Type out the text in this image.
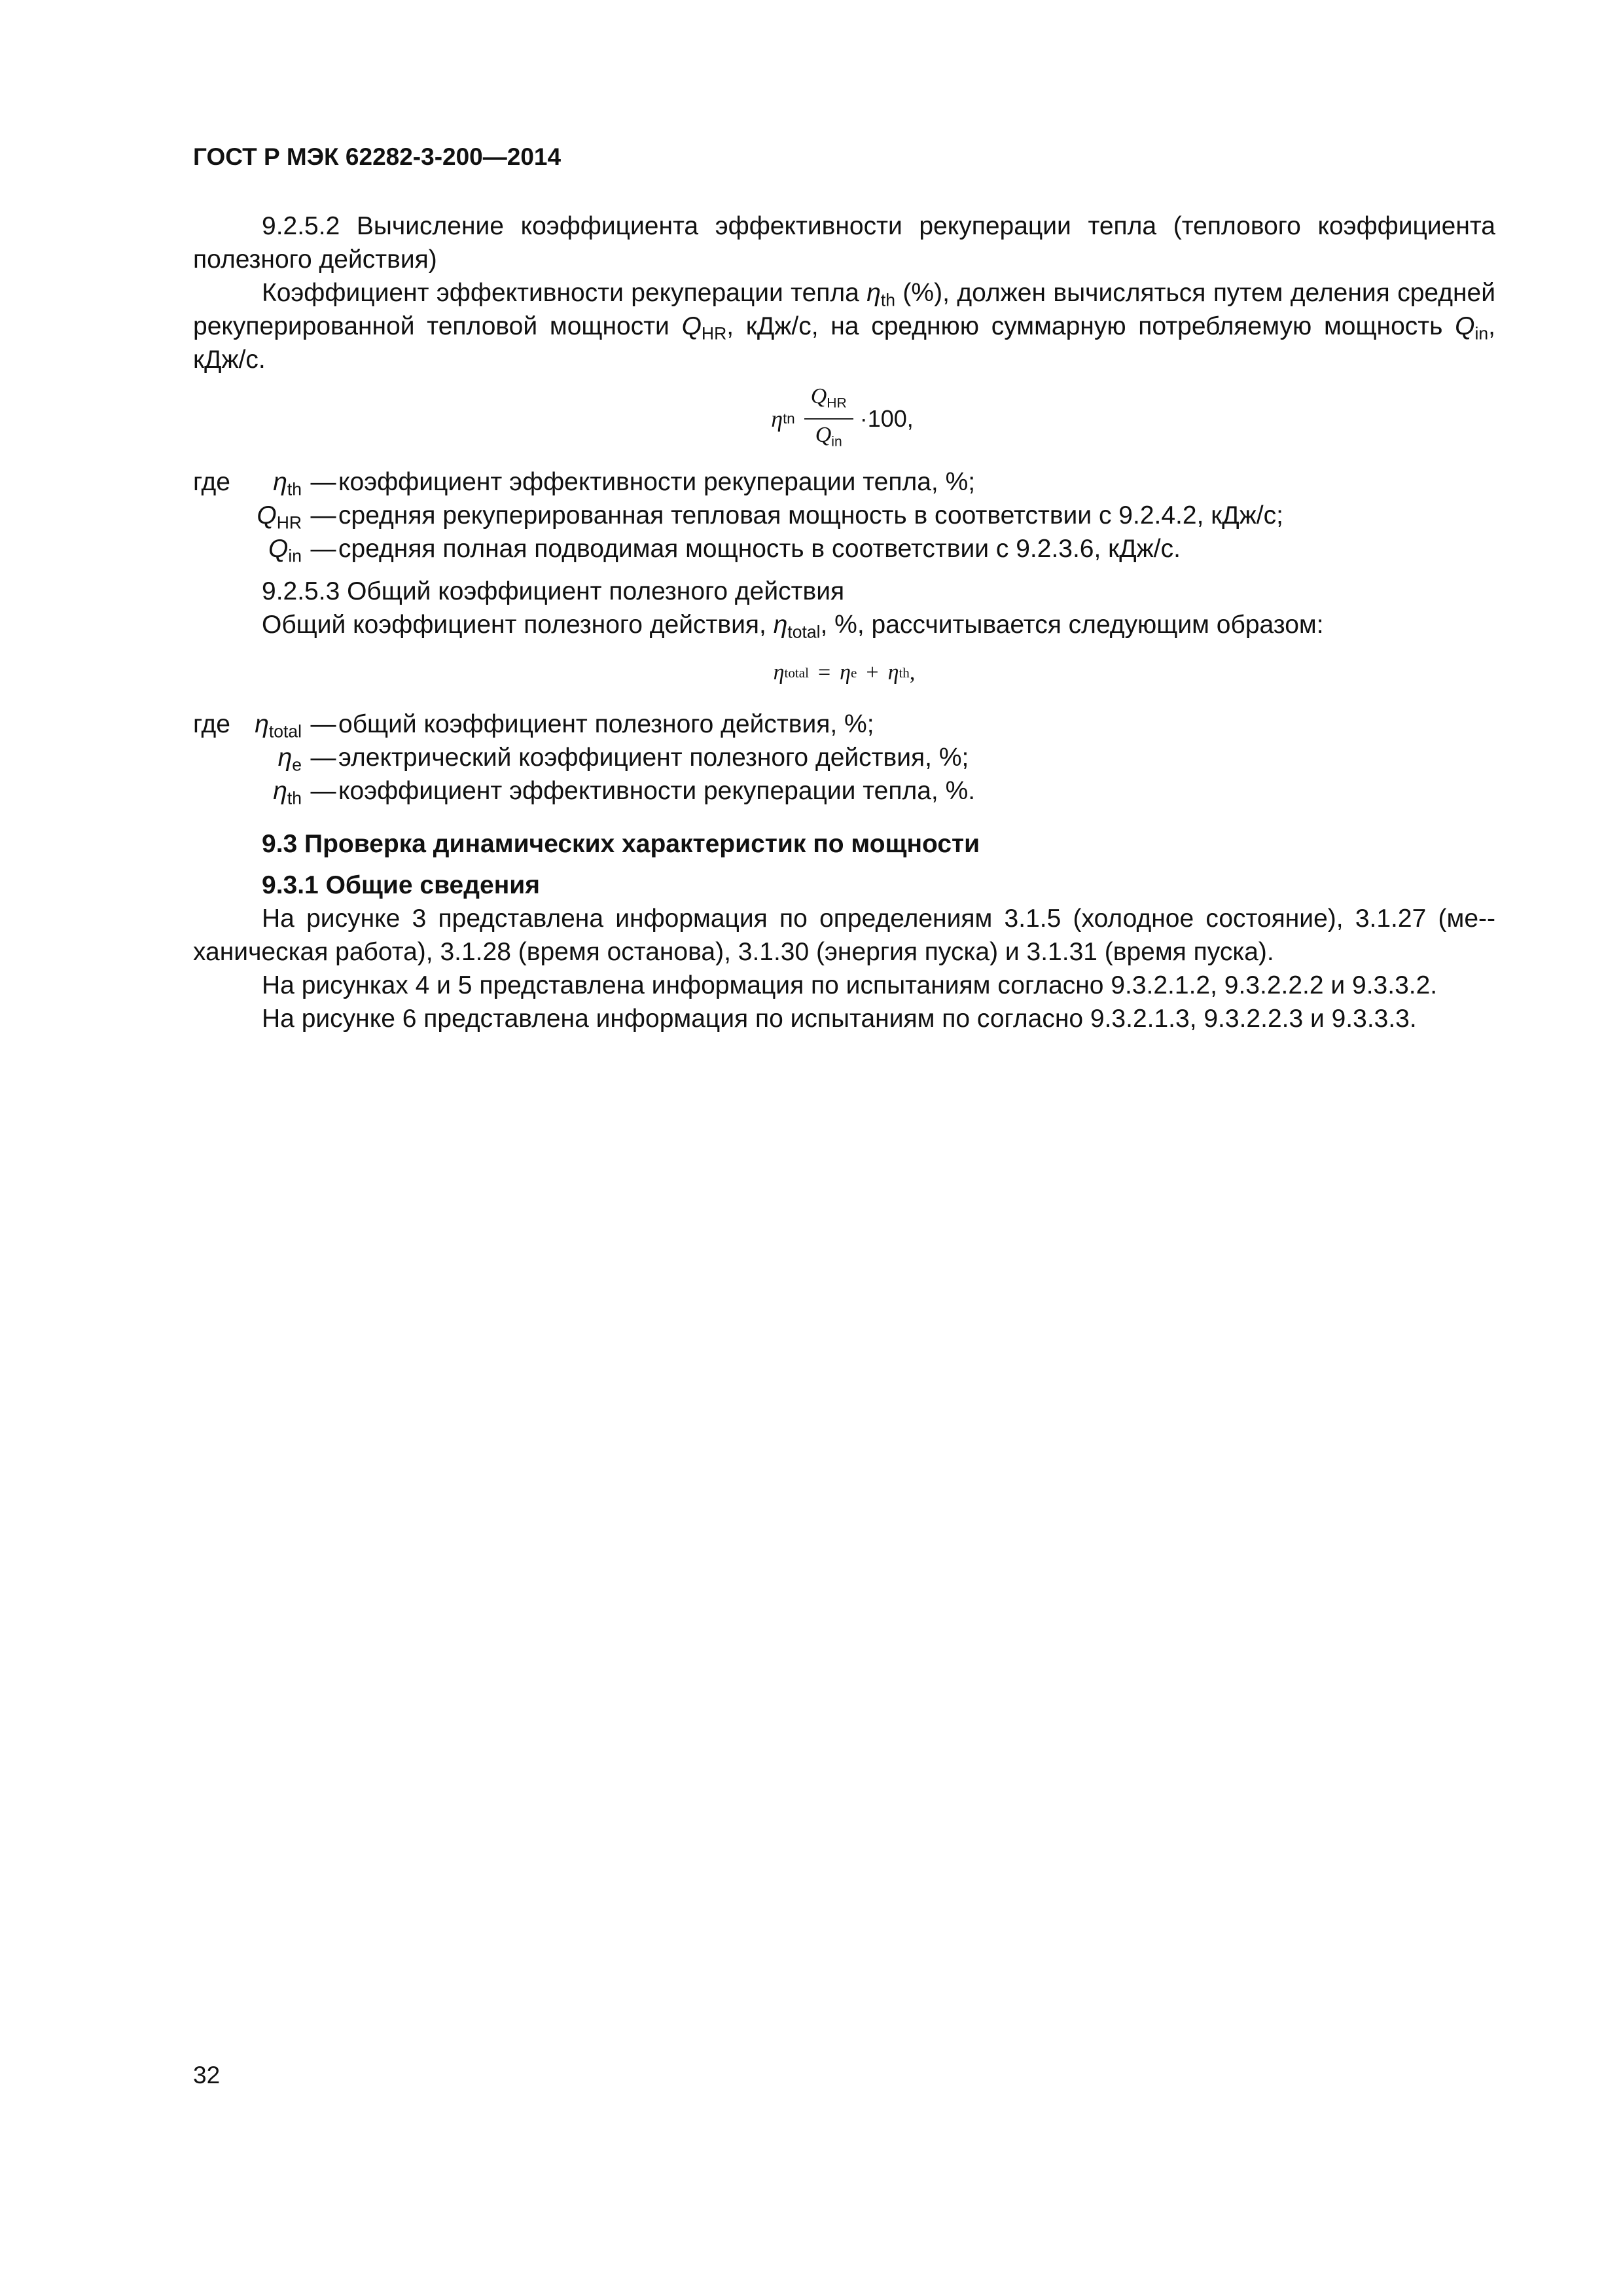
ГОСТ Р МЭК 62282-3-200—2014

9.2.5.2 Вычисление коэффициента эффективности рекуперации тепла (теплового коэффициента полезного действия)

Коэффициент эффективности рекуперации тепла $\eta_{th}$ (%), должен вычисляться путем деления средней рекуперированной тепловой мощности $Q_{HR}$, кДж/с, на среднюю суммарную потребляемую мощность $Q_{in}$, кДж/с.

η tn $\frac{\text{QHR}}{\text{Qin}} \cdot 100$,
где $\eta_{th}$ — коэффициент эффективности рекуперации тепла, %;
$Q_{HR}$ — средняя рекуперированная тепловая мощность в соответствии с 9.2.4.2, кДж/с;
$Q_{in}$ — средняя полная подводимая мощность в соответствии с 9.2.3.6, кДж/с.

9.2.5.3 Общий коэффициент полезного действия

Общий коэффициент полезного действия, $\eta_{total}$, %, рассчитывается следующим образом:

η total = η e + η th ,
где $\eta_{total}$ — общий коэффициент полезного действия, %;
$\eta_e$ — электрический коэффициент полезного действия, %;
$\eta_{th}$ — коэффициент эффективности рекуперации тепла, %.

9.3 Проверка динамических характеристик по мощности

9.3.1 Общие сведения

На рисунке 3 представлена информация по определениям 3.1.5 (холодное состояние), 3.1.27 (ме-ханическая работа), 3.1.28 (время останова), 3.1.30 (энергия пуска) и 3.1.31 (время пуска).

На рисунках 4 и 5 представлена информация по испытаниям согласно 9.3.2.1.2, 9.3.2.2.2 и 9.3.3.2.

На рисунке 6 представлена информация по испытаниям по согласно 9.3.2.1.3, 9.3.2.2.3 и 9.3.3.3.

32
